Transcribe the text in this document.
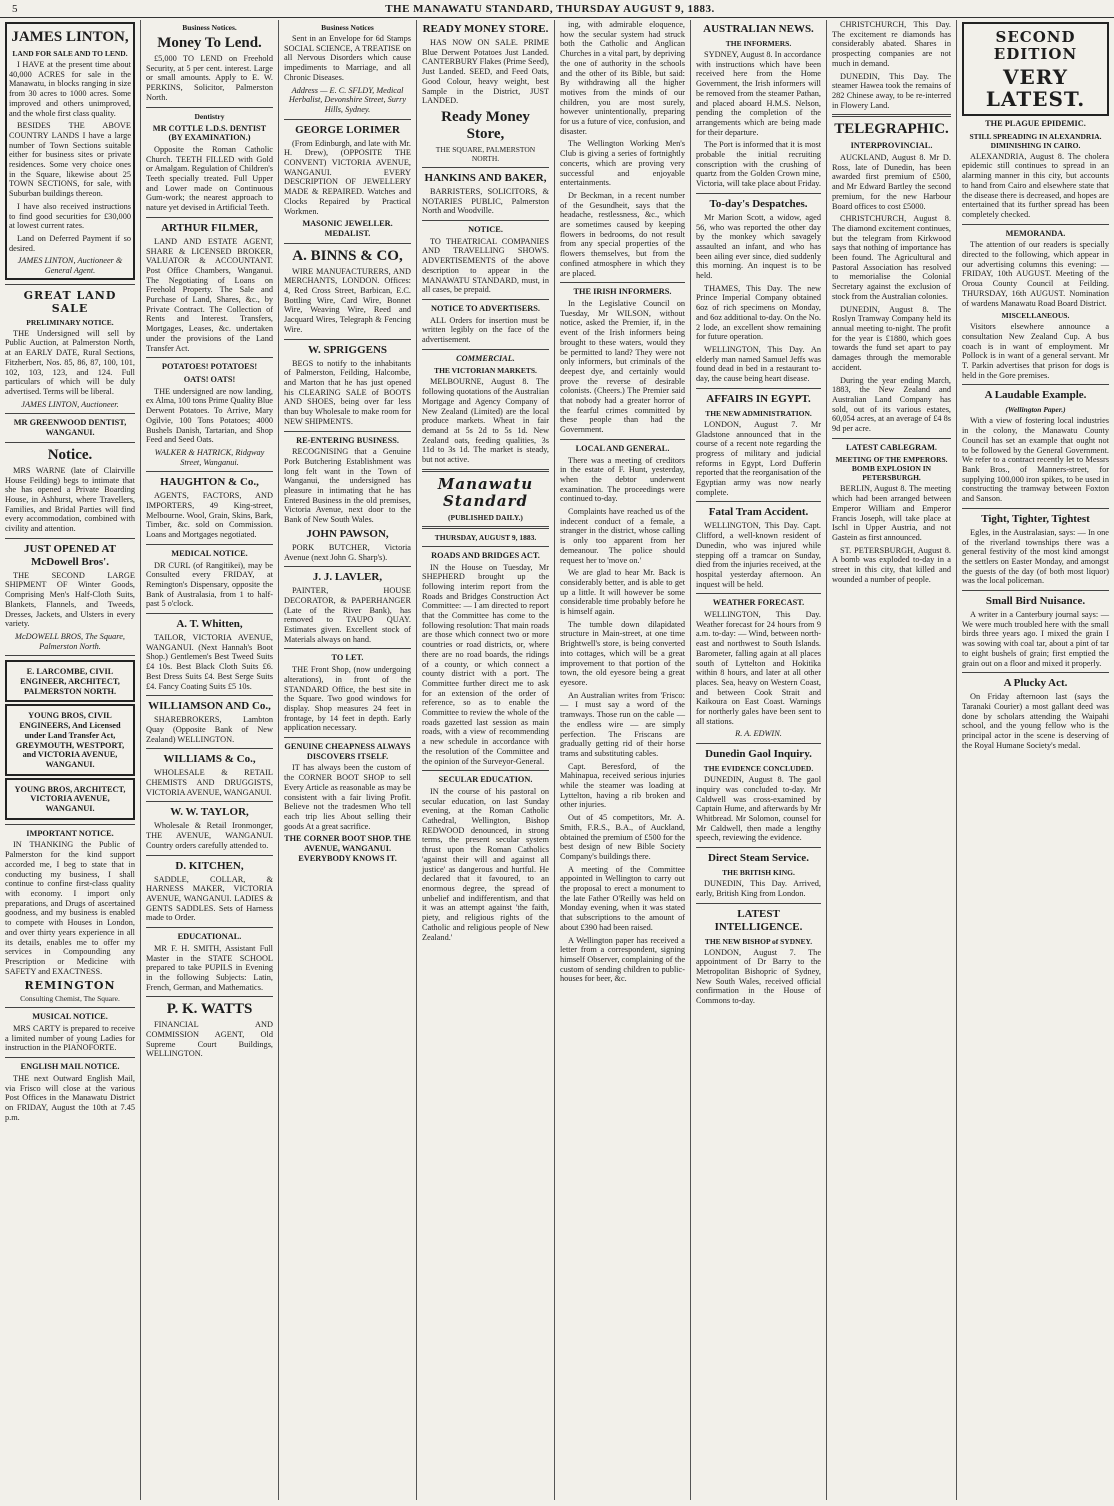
5	THE MANAWATU STANDARD, THURSDAY AUGUST 9, 1883.
JAMES LINTON,
LAND FOR SALE AND TO LEND.

I HAVE at the present time about 40,000 ACRES for sale in the Manawatu, in blocks ranging in size from 30 acres to 1000 acres. Some improved and others unimproved, and the whole first class quality.

BESIDES THE ABOVE COUNTRY LANDS I have a large number of Town Sections suitable either for business sites or private residences. Some very choice ones in the Square, likewise about 25 TOWN SECTIONS, for sale, with Suburban buildings thereon.

I have also received instructions to find good securities for £30,000 at lowest current rates.

Land on Deferred Payment if so desired.

JAMES LINTON, Auctioneer & General Agent.
GREAT LAND SALE
PRELIMINARY NOTICE.

THE Undersigned will sell by Public Auction, at Palmerston North, at an EARLY DATE, Rural Sections, Fitzherbert, Nos. 85, 86, 87, 100, 101, 102, 103, 123, and 124. Full particulars of which will be duly advertised. Terms will be liberal.

JAMES LINTON, Auctioneer.
MR GREENWOOD DENTIST, WANGANUI.
Notice.

MRS WARNE (late of Clairville House Feilding) begs to intimate that she has opened a Private Boarding House, in Ashhurst, where Travellers, Families, and Bridal Parties will find every accommodation, combined with civility and attention.

JUST OPENED AT McDowell Bros'.

THE SECOND LARGE SHIPMENT OF Winter Goods, Comprising Men's Half-Cloth Suits, Blankets, Flannels, and Tweeds, Dresses, Jackets, and Ulsters in every variety.

McDOWELL BROS, The Square, Palmerston North.
E. LARCOMBE, CIVIL ENGINEER, ARCHITECT, PALMERSTON NORTH.
YOUNG BROS, CIVIL ENGINEERS, And Licensed under Land Transfer Act, GREYMOUTH, WESTPORT, and VICTORIA AVENUE, WANGANUI.
YOUNG BROS, ARCHITECT, VICTORIA AVENUE, WANGANUI.
IMPORTANT NOTICE.

IN THANKING the Public of Palmerston for the kind support accorded me, I beg to state that in conducting my business, I shall continue to confine first-class quality with economy. I import only preparations, and Drugs of ascertained goodness, and my business is enabled to compete with Houses in London, and over thirty years experience in all its details, enables me to offer my services in Compounding any Prescription or Medicine with SAFETY and EXACTNESS.

REMINGTON
Consulting Chemist, The Square.
MUSICAL NOTICE.

MRS CARTY is prepared to receive a limited number of young Ladies for instruction in the PIANOFORTE.

ENGLISH MAIL NOTICE.

THE next Outward English Mail, via Frisco will close at the various Post Offices in the Manawatu District on FRIDAY, August the 10th at 7.45 p.m.

Business Notices.
Money To Lend.

£5,000 TO LEND on Freehold Security, at 5 per cent. interest. Large or small amounts. Apply to E. W. PERKINS, Solicitor, Palmerston North.

Dentistry
MR COTTLE L.D.S. DENTIST (BY EXAMINATION.)

Opposite the Roman Catholic Church. TEETH FILLED with Gold or Amalgam. Regulation of Children's Teeth specially treated. Full Upper and Lower made on Continuous Gum-work; the nearest approach to nature yet devised in Artificial Teeth.

ARTHUR FILMER,

LAND AND ESTATE AGENT, SHARE & LICENSED BROKER, VALUATOR & ACCOUNTANT. Post Office Chambers, Wanganui. The Negotiating of Loans on Freehold Property. The Sale and Purchase of Land, Shares, &c., by Private Contract. The Collection of Rents and Interest. Transfers, Mortgages, Leases, &c. undertaken under the provisions of the Land Transfer Act.

POTATOES! POTATOES!
OATS! OATS!

THE undersigned are now landing, ex Alma, 100 tons Prime Quality Blue Derwent Potatoes. To Arrive, Mary Ogilvie, 100 Tons Potatoes; 4000 Bushels Danish, Tartarian, and Shop Feed and Seed Oats.

WALKER & HATRICK, Ridgway Street, Wanganui.
HAUGHTON & Co.,

AGENTS, FACTORS, AND IMPORTERS, 49 King-street, Melbourne. Wool, Grain, Skins, Bark, Timber, &c. sold on Commission. Loans and Mortgages negotiated.

MEDICAL NOTICE.

DR CURL (of Rangitikei), may be Consulted every FRIDAY, at Remington's Dispensary, opposite the Bank of Australasia, from 1 to half-past 5 o'clock.

A. T. Whitten,

TAILOR, VICTORIA AVENUE, WANGANUI. (Next Hannah's Boot Shop.) Gentlemen's Best Tweed Suits £4 10s. Best Black Cloth Suits £6. Best Dress Suits £4. Best Serge Suits £4. Fancy Coating Suits £5 10s.

WILLIAMSON AND Co.,

SHAREBROKERS, Lambton Quay (Opposite Bank of New Zealand) WELLINGTON.

WILLIAMS & Co.,

WHOLESALE & RETAIL CHEMISTS AND DRUGGISTS, VICTORIA AVENUE, WANGANUI.

W. W. TAYLOR,

Wholesale & Retail Ironmonger, THE AVENUE, WANGANUI. Country orders carefully attended to.

D. KITCHEN,

SADDLE, COLLAR, & HARNESS MAKER, VICTORIA AVENUE, WANGANUI. LADIES & GENTS SADDLES. Sets of Harness made to Order.

EDUCATIONAL.

MR F. H. SMITH, Assistant Full Master in the STATE SCHOOL prepared to take PUPILS in Evening in the following Subjects: Latin, French, German, and Mathematics.

P. K. WATTS

FINANCIAL AND COMMISSION AGENT, Old Supreme Court Buildings, WELLINGTON.

Business Notices

Sent in an Envelope for 6d Stamps SOCIAL SCIENCE, A TREATISE on all Nervous Disorders which cause impediments to Marriage, and all Chronic Diseases.

Address — E. C. SFLDY, Medical Herbalist, Devonshire Street, Surry Hills, Sydney.
GEORGE LORIMER

(From Edinburgh, and late with Mr. H. Drew), (OPPOSITE THE CONVENT) VICTORIA AVENUE, WANGANUI. EVERY DESCRIPTION OF JEWELLERY MADE & REPAIRED. Watches and Clocks Repaired by Practical Workmen.

MASONIC JEWELLER. MEDALIST.
A. BINNS & CO,

WIRE MANUFACTURERS, AND MERCHANTS, LONDON. Offices: 4, Red Cross Street, Barbican, E.C. Bottling Wire, Card Wire, Bonnet Wire, Weaving Wire, Reed and Jacquard Wires, Telegraph & Fencing Wire.

W. SPRIGGENS

BEGS to notify to the inhabitants of Palmerston, Feilding, Halcombe, and Marton that he has just opened his CLEARING SALE of BOOTS AND SHOES, being over far less than buy Wholesale to make room for NEW SHIPMENTS.

RE-ENTERING BUSINESS.

RECOGNISING that a Genuine Pork Butchering Establishment was long felt want in the Town of Wanganui, the undersigned has pleasure in intimating that he has Entered Business in the old premises, Victoria Avenue, next door to the Bank of New South Wales.

JOHN PAWSON,

PORK BUTCHER, Victoria Avenue (next John G. Sharp's).

J. J. LAVLER,

PAINTER, HOUSE DECORATOR, & PAPERHANGER (Late of the River Bank), has removed to TAUPO QUAY. Estimates given. Excellent stock of Materials always on hand.

TO LET.

THE Front Shop, (now undergoing alterations), in front of the STANDARD Office, the best site in the Square. Two good windows for display. Shop measures 24 feet in frontage, by 14 feet in depth. Early application necessary.

GENUINE CHEAPNESS ALWAYS DISCOVERS ITSELF.

IT has always been the custom of the CORNER BOOT SHOP to sell Every Article as reasonable as may be consistent with a fair living Profit. Believe not the tradesmen Who tell each trip lies About selling their goods At a great sacrifice.

THE CORNER BOOT SHOP. THE AVENUE, WANGANUI. EVERYBODY KNOWS IT.
READY MONEY STORE.

HAS NOW ON SALE. PRIME Blue Derwent Potatoes Just Landed. CANTERBURY Flakes (Prime Seed), Just Landed. SEED, and Feed Oats, Good Colour, heavy weight, best Sample in the District, JUST LANDED.

Ready Money Store,
THE SQUARE, PALMERSTON NORTH.
HANKINS AND BAKER,

BARRISTERS, SOLICITORS, & NOTARIES PUBLIC, Palmerston North and Woodville.

NOTICE.

TO THEATRICAL COMPANIES AND TRAVELLING SHOWS. ADVERTISEMENTS of the above description to appear in the MANAWATU STANDARD, must, in all cases, be prepaid.

NOTICE TO ADVERTISERS.

ALL Orders for insertion must be written legibly on the face of the advertisement.

COMMERCIAL.
THE VICTORIAN MARKETS.

MELBOURNE, August 8. The following quotations of the Australian Mortgage and Agency Company of New Zealand (Limited) are the local produce markets. Wheat in fair demand at 5s 2d to 5s 1d. New Zealand oats, feeding qualities, 3s 11d to 3s 1d. The market is steady, but not active.

Manawatu Standard
(PUBLISHED DAILY.)
THURSDAY, AUGUST 9, 1883.
ROADS AND BRIDGES ACT.

IN the House on Tuesday, Mr SHEPHERD brought up the following interim report from the Roads and Bridges Construction Act Committee: — I am directed to report that the Committee has come to the following resolution: That main roads are those which connect two or more countries or road districts, or, where there are no road boards, the ridings of a county, or which connect a county district with a port. The Committee further direct me to ask for an extension of the order of reference, so as to enable the Committee to review the whole of the roads gazetted last session as main roads, with a view of recommending a new schedule in accordance with the resolution of the Committee and the opinion of the Surveyor-General.

SECULAR EDUCATION.

IN the course of his pastoral on secular education, on last Sunday evening, at the Roman Catholic Cathedral, Wellington, Bishop REDWOOD denounced, in strong terms, the present secular system thrust upon the Roman Catholics 'against their will and against all justice' as dangerous and hurtful. He declared that it favoured, to an enormous degree, the spread of unbelief and indifferentism, and that it was an attempt against 'the faith, piety, and religious rights of the Catholic and religious people of New Zealand.'

ing, with admirable eloquence, how the secular system had struck both the Catholic and Anglican Churches in a vital part, by depriving the one of authority in the schools and the other of its Bible, but said: By withdrawing all the higher motives from the minds of our children, you are most surely, however unintentionally, preparing for us a future of vice, confusion, and disaster.

The Wellington Working Men's Club is giving a series of fortnightly concerts, which are proving very successful and enjoyable entertainments.

Dr Beckman, in a recent number of the Gesundheit, says that the headache, restlessness, &c., which are sometimes caused by keeping flowers in bedrooms, do not result from any special properties of the flowers themselves, but from the confined atmosphere in which they are placed.

THE IRISH INFORMERS.

In the Legislative Council on Tuesday, Mr WILSON, without notice, asked the Premier, if, in the event of the Irish informers being brought to these waters, would they be permitted to land? They were not only informers, but criminals of the deepest dye, and certainly would prove the reverse of desirable colonists. (Cheers.) The Premier said that nobody had a greater horror of the fearful crimes committed by these people than had the Government.

LOCAL AND GENERAL.

There was a meeting of creditors in the estate of F. Hunt, yesterday, when the debtor underwent examination. The proceedings were continued to-day.

Complaints have reached us of the indecent conduct of a female, a stranger in the district, whose calling is only too apparent from her demeanour. The police should request her to 'move on.'

We are glad to hear Mr. Back is considerably better, and is able to get up a little. It will however be some considerable time probably before he is himself again.

The tumble down dilapidated structure in Main-street, at one time Brightwell's store, is being converted into cottages, which will be a great improvement to that portion of the town, the old eyesore being a great eyesore.

An Australian writes from 'Frisco: — I must say a word of the tramways. Those run on the cable — the endless wire — are simply perfection. The Friscans are gradually getting rid of their horse trams and substituting cables.

Capt. Beresford, of the Mahinapua, received serious injuries while the steamer was loading at Lyttelton, having a rib broken and other injuries.

Out of 45 competitors, Mr. A. Smith, F.R.S., B.A., of Auckland, obtained the premium of £500 for the best design of new Bible Society Company's buildings there.

A meeting of the Committee appointed in Wellington to carry out the proposal to erect a monument to the late Father O'Reilly was held on Monday evening, when it was stated that subscriptions to the amount of about £390 had been raised.

A Wellington paper has received a letter from a correspondent, signing himself Observer, complaining of the custom of sending children to public-houses for beer, &c.

AUSTRALIAN NEWS.
THE INFORMERS.

SYDNEY, August 8. In accordance with instructions which have been received here from the Home Government, the Irish informers will be removed from the steamer Pathan, and placed aboard H.M.S. Nelson, pending the completion of the arrangements which are being made for their departure.

The Port is informed that it is most probable the initial recruiting conscription with the crushing of quartz from the Golden Crown mine, Victoria, will take place about Friday.

To-day's Despatches.

Mr Marion Scott, a widow, aged 56, who was reported the other day by the monkey which savagely assaulted an infant, and who has been ailing ever since, died suddenly this morning. An inquest is to be held.

THAMES, This Day. The new Prince Imperial Company obtained 6oz of rich specimens on Monday, and 6oz additional to-day. On the No. 2 lode, an excellent show remaining for future operation.

WELLINGTON, This Day. An elderly man named Samuel Jeffs was found dead in bed in a restaurant to-day, the cause being heart disease.

AFFAIRS IN EGYPT.
THE NEW ADMINISTRATION.

LONDON, August 7. Mr Gladstone announced that in the course of a recent note regarding the progress of military and judicial reforms in Egypt, Lord Dufferin reported that the reorganisation of the Egyptian army was now nearly complete.

Fatal Tram Accident.

WELLINGTON, This Day. Capt. Clifford, a well-known resident of Dunedin, who was injured while stepping off a tramcar on Sunday, died from the injuries received, at the hospital yesterday afternoon. An inquest will be held.

WEATHER FORECAST.

WELLINGTON, This Day. Weather forecast for 24 hours from 9 a.m. to-day: — Wind, between north-east and northwest to South Islands. Barometer, falling again at all places south of Lyttelton and Hokitika within 8 hours, and later at all other places. Sea, heavy on Western Coast, and between Cook Strait and Kaikoura on East Coast. Warnings for northerly gales have been sent to all stations.

R. A. EDWIN.
Dunedin Gaol Inquiry.
THE EVIDENCE CONCLUDED.

DUNEDIN, August 8. The gaol inquiry was concluded to-day. Mr Caldwell was cross-examined by Captain Hume, and afterwards by Mr Whitbread. Mr Solomon, counsel for Mr Caldwell, then made a lengthy speech, reviewing the evidence.

Direct Steam Service.
THE BRITISH KING.

DUNEDIN, This Day. Arrived, early, British King from London.

LATEST INTELLIGENCE.
THE NEW BISHOP of SYDNEY.

LONDON, August 7. The appointment of Dr Barry to the Metropolitan Bishopric of Sydney, New South Wales, received official confirmation in the House of Commons to-day.

CHRISTCHURCH, This Day. The excitement re diamonds has considerably abated. Shares in prospecting companies are not much in demand.

DUNEDIN, This Day. The steamer Hawea took the remains of 282 Chinese away, to be re-interred in Flowery Land.

TELEGRAPHIC.
INTERPROVINCIAL.

AUCKLAND, August 8. Mr D. Ross, late of Dunedin, has been awarded first premium of £500, and Mr Edward Bartley the second premium, for the new Harbour Board offices to cost £5000.

CHRISTCHURCH, August 8. The diamond excitement continues, but the telegram from Kirkwood says that nothing of importance has been found. The Agricultural and Pastoral Association has resolved to memorialise the Colonial Secretary against the exclusion of stock from the Australian colonies.

DUNEDIN, August 8. The Roslyn Tramway Company held its annual meeting to-night. The profit for the year is £1880, which goes towards the fund set apart to pay damages through the memorable accident.

During the year ending March, 1883, the New Zealand and Australian Land Company has sold, out of its various estates, 60,054 acres, at an average of £4 8s 9d per acre.

LATEST CABLEGRAM.
MEETING OF THE EMPERORS. BOMB EXPLOSION IN PETERSBURGH.

BERLIN, August 8. The meeting which had been arranged between Emperor William and Emperor Francis Joseph, will take place at Ischl in Upper Austria, and not Gastein as first announced.

ST. PETERSBURGH, August 8. A bomb was exploded to-day in a street in this city, that killed and wounded a number of people.

SECOND EDITION
VERY LATEST.
THE PLAGUE EPIDEMIC.
STILL SPREADING IN ALEXANDRIA. DIMINISHING IN CAIRO.

ALEXANDRIA, August 8. The cholera epidemic still continues to spread in an alarming manner in this city, but accounts to hand from Cairo and elsewhere state that the disease there is decreased, and hopes are entertained that its further spread has been completely checked.

MEMORANDA.

The attention of our readers is specially directed to the following, which appear in our advertising columns this evening: — FRIDAY, 10th AUGUST. Meeting of the Oroua County Council at Feilding. THURSDAY, 16th AUGUST. Nomination of wardens Manawatu Road Board District.

MISCELLANEOUS.

Visitors elsewhere announce a consultation New Zealand Cup. A bus coach is in want of employment. Mr Pollock is in want of a general servant. Mr T. Parkin advertises that prison for dogs is held in the Gore premises.

A Laudable Example.
(Wellington Paper.)

With a view of fostering local industries in the colony, the Manawatu County Council has set an example that ought not to be followed by the General Government. We refer to a contract recently let to Messrs Bank Bros., of Manners-street, for supplying 100,000 iron spikes, to be used in constructing the tramway between Foxton and Sanson.

Tight, Tighter, Tightest

Egles, in the Australasian, says: — In one of the riverland townships there was a general festivity of the most kind amongst the settlers on Easter Monday, and amongst the guests of the day (of both most liquor) was the local policeman.

Small Bird Nuisance.

A writer in a Canterbury journal says: — We were much troubled here with the small birds three years ago. I mixed the grain I was sowing with coal tar, about a pint of tar to eight bushels of grain; first emptied the grain out on a floor and mixed it properly.

A Plucky Act.

On Friday afternoon last (says the Taranaki Courier) a most gallant deed was done by scholars attending the Waipahi school, and the young fellow who is the principal actor in the scene is deserving of the Royal Humane Society's medal.
